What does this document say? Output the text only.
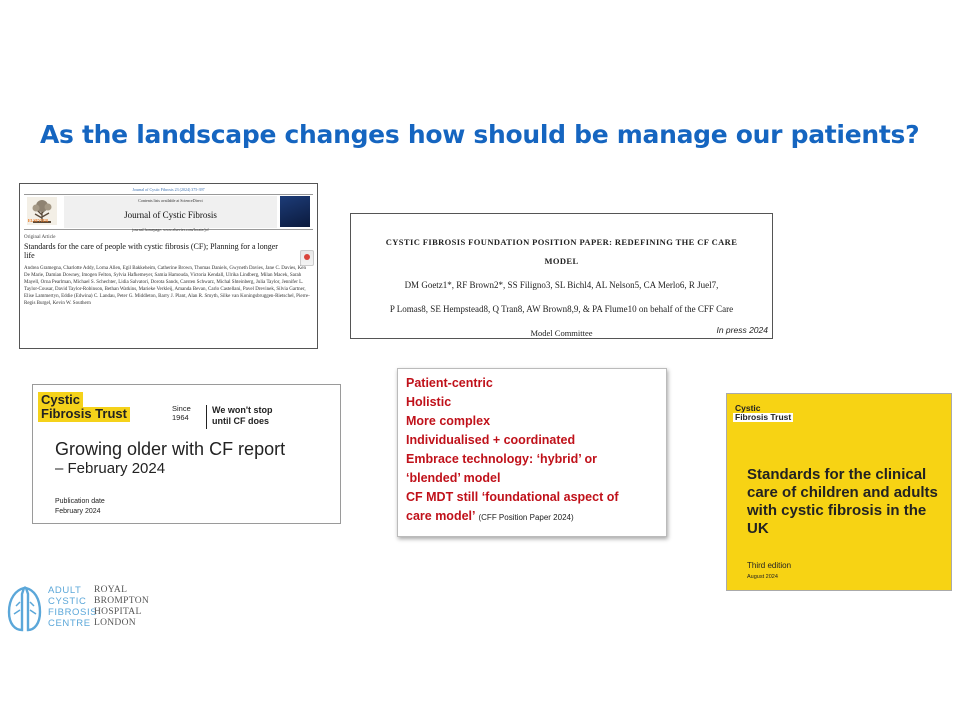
As the landscape changes how should be manage our patients?
Journal of Cystic Fibrosis 23 (2024) 375-397
Contents lists available at ScienceDirect
Journal of Cystic Fibrosis
journal homepage: www.elsevier.com/locate/jcf
ELSEVIER
Original Article
Standards for the care of people with cystic fibrosis (CF); Planning for a longer life
Andrea Gramegna, Charlotte Addy, Lorna Allen, Egil Bakkeheim, Catherine Brown, Thomas Daniels, Gwyneth Davies, Jane C. Davies, Ken De Marie, Damian Downey, Imogen Felton, Sylvia Hafkemeyer, Samia Hamouda, Victoria Kendall, Ulrika Lindberg, Milan Macek, Sarah Mayell, Orna Pearlman, Michael S. Schechter, Lidia Salvatori, Dorota Sands, Carsten Schwarz, Michal Shteinberg, Julia Taylor, Jennifer L. Taylor-Cousar, David Taylor-Robinson, Bethan Watkins, Marieke Verkleij, Amanda Bevan, Carlo Castellani, Pavel Drevinek, Silvia Gartner, Elise Lammertyn, Eddie (Edwina) C. Landau, Peter G. Middleton, Barry J. Plant, Alan R. Smyth, Silke van Koningsbruggen-Rietschel, Pierre-Regis Burgel, Kevin W. Southern
CYSTIC FIBROSIS FOUNDATION POSITION PAPER: REDEFINING THE CF CARE
MODEL
DM Goetz1*, RF Brown2*, SS Filigno3, SL Bichl4, AL Nelson5, CA Merlo6, R Juel7,
P Lomas8, SE Hempstead8, Q Tran8, AW Brown8,9, & PA Flume10 on behalf of the CFF Care
Model Committee	In press 2024
Cystic
Fibrosis Trust	Since
1964
We won't stop
until CF does
Growing older with CF report
– February 2024
Publication date
February 2024
Patient-centric
Holistic
More complex
Individualised + coordinated
Embrace technology: ‘hybrid’ or
‘blended’ model
CF MDT still ‘foundational aspect of
care model’ (CFF Position Paper 2024)
Cystic
Fibrosis Trust
Standards for the clinical care of children and adults with cystic fibrosis in the UK
Third edition
August 2024
ADULT
CYSTIC
FIBROSIS
CENTRE
ROYAL
BROMPTON
HOSPITAL
LONDON
